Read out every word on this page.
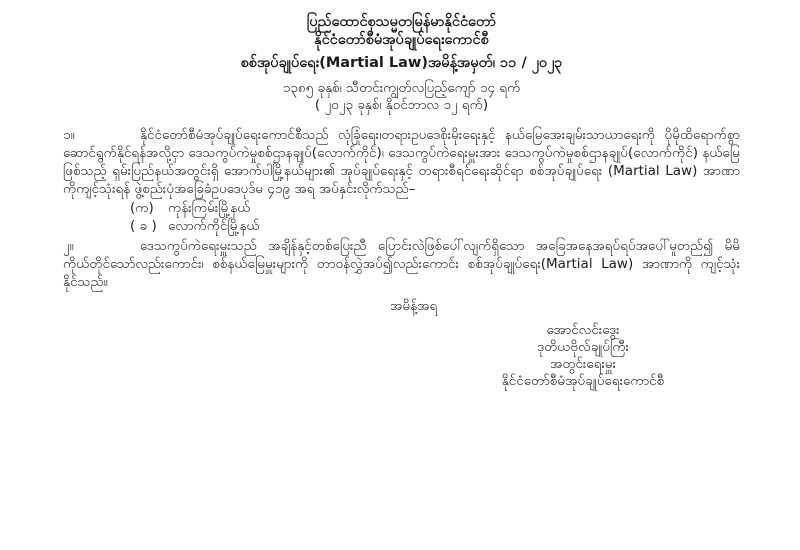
ပြည်ထောင်စုသမ္မတမြန်မာနိုင်ငံတော်
နိုင်ငံတော်စီမံအုပ်ချုပ်ရေးကောင်စီ
စစ်အုပ်ချုပ်ရေး(Martial Law)အမိန့်အမှတ်၊ ၁၁ / ၂၀၂၃
၁၃၈၅ ခုနှစ်၊ သီတင်းကျွတ်လပြည့်ကျော် ၁၄ ရက်
( ၂၀၂၃ ခုနှစ်၊ နိုဝင်ဘာလ ၁၂ ရက်)

၁။	နိုင်ငံတော်စီမံအုပ်ချုပ်ရေးကောင်စီသည် လုံခြုံရေး၊တရားဥပဒေစိုးမိုးရေးနှင့် နယ်မြေအေးချမ်းသာယာရေးကို ပိုမိုထိရောက်စွာ ဆောင်ရွက်နိုင်ရန်အလို့ငှာ ဒေသကွပ်ကဲမှုစစ်ဌာနချုပ်(လောက်ကိုင်)၊ ဒေသကွပ်ကဲရေးမှူးအား ဒေသကွပ်ကဲမှုစစ်ဌာနချုပ်(လောက်ကိုင်) နယ်မြေဖြစ်သည့် ရှမ်းပြည်နယ်အတွင်းရှိ အောက်ပါမြို့နယ်များ၏ အုပ်ချုပ်ရေးနှင့် တရားစီရင်ရေးဆိုင်ရာ စစ်အုပ်ချုပ်ရေး (Martial Law) အာဏာကိုကျင့်သုံးရန် ဖွဲ့စည်းပုံအခြေခံဥပဒေပုဒ်မ ၄၁၉ အရ အပ်နှင်းလိုက်သည်–

(က) ကုန်းကြမ်းမြို့နယ်
( ခ ) လောက်ကိုင်မြို့နယ်

၂။	ဒေသကွပ်ကဲရေးမှူးသည် အချိန်နှင့်တစ်ပြေးညီ ပြောင်းလဲဖြစ်ပေါ်လျက်ရှိသော အခြေအနေအရပ်ရပ်အပေါ်မူတည်၍ မိမိကိုယ်တိုင်သော်လည်းကောင်း၊ စစ်နယ်မြေမှူးများကို တာဝန်လွှဲအပ်၍လည်းကောင်း စစ်အုပ်ချုပ်ရေး(Martial Law) အာဏာကို ကျင့်သုံးနိုင်သည်။

အမိန့်အရ
အောင်လင်းဒွေး
ဒုတိယဗိုလ်ချုပ်ကြီး
အတွင်းရေးမှူး
နိုင်ငံတော်စီမံအုပ်ချုပ်ရေးကောင်စီ
